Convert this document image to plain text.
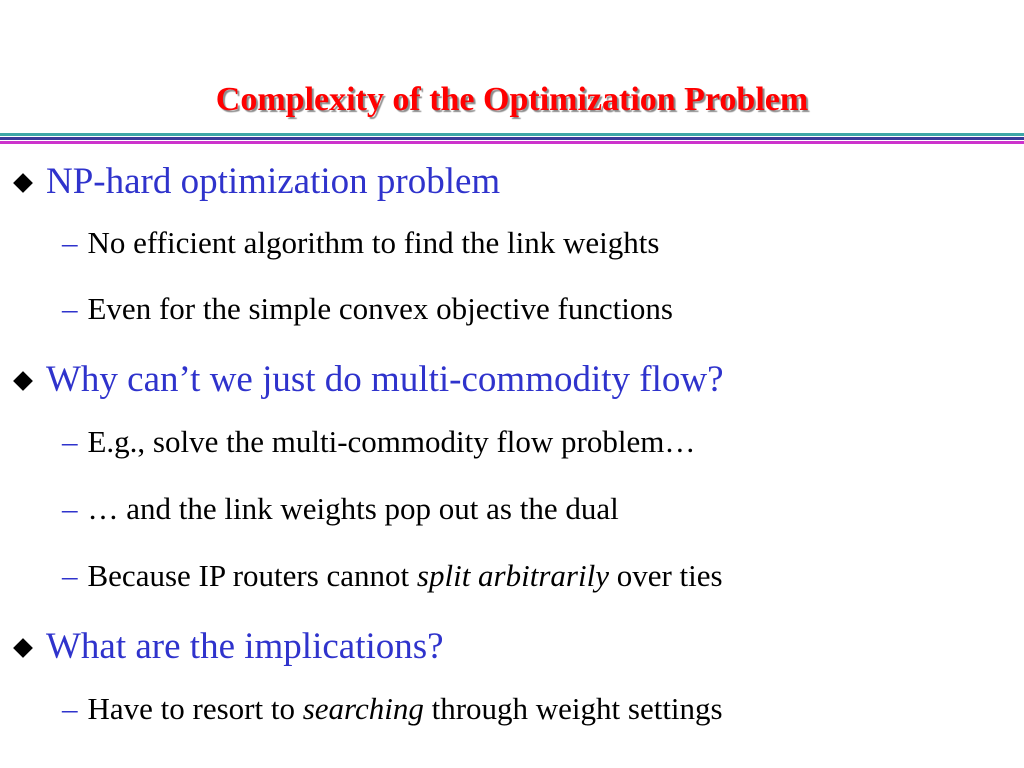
Complexity of the Optimization Problem
NP-hard optimization problem
– No efficient algorithm to find the link weights
– Even for the simple convex objective functions
Why can’t we just do multi-commodity flow?
– E.g., solve the multi-commodity flow problem…
– … and the link weights pop out as the dual
– Because IP routers cannot split arbitrarily over ties
What are the implications?
– Have to resort to searching through weight settings
